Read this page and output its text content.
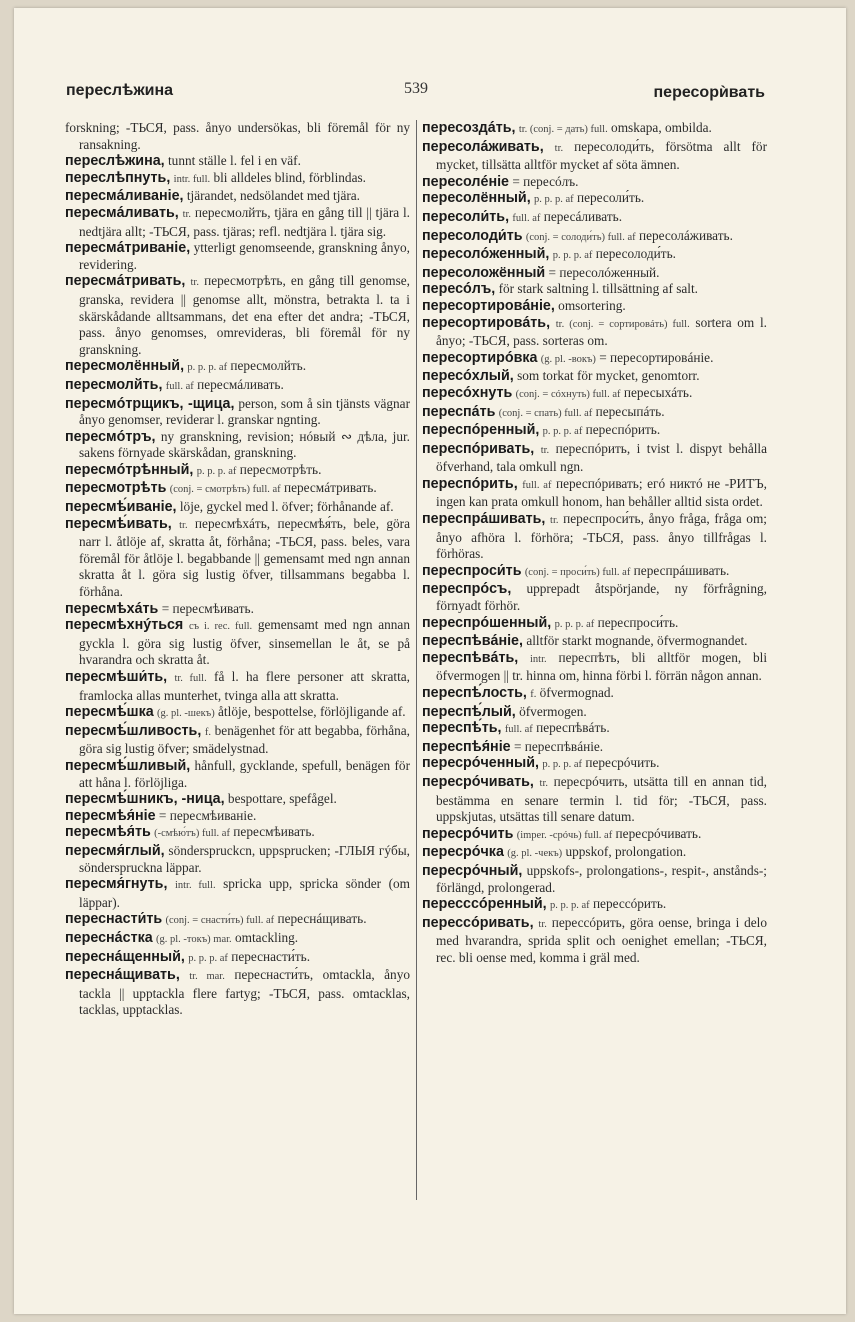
переслѣжина	539	пересорѝвать

forskning; -ТЬСЯ, pass. ånyo undersökas, bli föremål för ny ransakning.

переслѣжина, tunnt ställe l. fel i en väf.

переслѣпнуть, intr. full. bli alldeles blind, förblindas.

пересмáливаніе, tjärandet, nedsölandet med tjära.

пересмáливать, tr. пересмолйть, tjära en gång till || tjära l. nedtjära allt; -ТЬСЯ, pass. tjäras; refl. nedtjära l. tjära sig.

пересмáтриваніе, ytterligt genomseende, granskning ånyo, revidering.

пересмáтривать, tr. пересмотрѣть, en gång till genomse, granska, revidera || genomse allt, mönstra, betrakta l. ta i skärskådande alltsammans, det ena efter det andra; -ТЬСЯ, pass. ånyo genomses, omrevideras, bli föremål för ny granskning.

пересмолённый, p. p. p. af пересмолйть.

пересмолйть, full. af пересмáливать.

пересмóтрщикъ, -щица, person, som å sin tjänsts vägnar ånyo genomser, reviderar l. granskar ngnting.

пересмóтръ, ny granskning, revision; нóвый ∾ дѣла, jur. sakens förnyade skärskådan, granskning.

пересмóтрѣнный, p. p. p. af пересмотрѣть.

пересмотрѣть (conj. = смотрѣть) full. af пересмáтривать.

пересмѣ́иваніе, löje, gyckel med l. öfver; förhånande af.

пересмѣ́ивать, tr. пересмѣхáть, пересмѣя́ть, bele, göra narr l. åtlöje af, skratta åt, förhåna; -ТЬСЯ, pass. beles, vara föremål för åtlöje l. begabbande || gemensamt med ngn annan skratta åt l. göra sig lustig öfver, tillsammans begabba l. förhåna.

пересмѣхáть = пересмѣивать.

пересмѣхнýться съ i. rec. full. gemensamt med ngn annan gyckla l. göra sig lustig öfver, sinsemellan le åt, se på hvarandra och skratta åt.

пересмѣши́ть, tr. full. få l. ha flere personer att skratta, framlocka allas munterhet, tvinga alla att skratta.

пересмѣ́шка (g. pl. -шекъ) åtlöje, bespottelse, förlöjligande af.

пересмѣ́шливость, f. benägenhet för att begabba, förhåna, göra sig lustig öfver; smädelystnad.

пересмѣ́шливый, hånfull, gycklande, spefull, benägen för att håna l. förlöjliga.

пересмѣ́шникъ, -ница, bespottare, spefågel.

пересмѣя́ніе = пересмѣиваніе.

пересмѣя́ть (-смѣю́тъ) full. af пересмѣивать.

пересмя́глый, sönderspruckcn, uppsprucken; -ГЛЫЯ гýбы, sönderspruckna läppar.

пересмя́гнуть, intr. full. spricka upp, spricka sönder (om läppar).

переснасти́ть (conj. = снасти́ть) full. af переснáщивать.

переснáстка (g. pl. -токъ) mar. omtackling.

переснáщенный, p. p. p. af переснасти́ть.

переснáщивать, tr. mar. переснасти́ть, omtackla, ånyo tackla || upptackla flere fartyg; -ТЬСЯ, pass. omtacklas, tacklas, upptacklas.

пересоздáть, tr. (conj. = дать) full. omskapa, ombilda.

пересолáживать, tr. пересолоди́ть, försötma allt för mycket, tillsätta alltför mycket af söta ämnen.

пересолéніе = пересóлъ.

пересолённый, p. p. p. af пересоли́ть.

пересоли́ть, full. af пересáливать.

пересолоди́ть (conj. = солоди́ть) full. af пересолáживать.

пересолóженный, p. p. p. af пересолоди́ть.

пересоложённый = пересолóженный.

пересóлъ, för stark saltning l. tillsättning af salt.

пересортировáніе, omsortering.

пересортировáть, tr. (conj. = сортировáть) full. sortera om l. ånyo; -ТЬСЯ, pass. sorteras om.

пересортирóвка (g. pl. -вокъ) = пересортировáніе.

пересóхлый, som torkat för mycket, genomtorr.

пересóхнуть (conj. = сóхнуть) full. af пересыхáть.

переспáть (conj. = спать) full. af пересыпáть.

переспóренный, p. p. p. af переспóрить.

переспóривать, tr. переспóрить, i tvist l. dispyt behålla öfverhand, tala omkull ngn.

переспóрить, full. af переспóривать; егó никтó не -РИТЪ, ingen kan prata omkull honom, han behåller alltid sista ordet.

переспрáшивать, tr. переспроси́ть, ånyo fråga, fråga om; ånyo afhöra l. förhöra; -ТЬСЯ, pass. ånyo tillfrågas l. förhöras.

переспроси́ть (conj. = проси́ть) full. af переспрáшивать.

переспрóсъ, upprepadt åtspörjande, ny förfrågning, förnyadt förhör.

переспрóшенный, p. p. p. af переспроси́ть.

переспѣвáніе, alltför starkt mognande, öfvermognandet.

переспѣвáть, intr. переспѣть, bli alltför mogen, bli öfvermogen || tr. hinna om, hinna förbi l. förrän någon annan.

переспѣ́лость, f. öfvermognad.

переспѣ́лый, öfvermogen.

переспѣ́ть, full. af переспѣвáть.

переспѣя́ніе = переспѣвáніе.

пересрóченный, p. p. p. af пересрóчить.

пересрóчивать, tr. пересрóчить, utsätta till en annan tid, bestämma en senare termin l. tid för; -ТЬСЯ, pass. uppskjutas, utsättas till senare datum.

пересрóчить (imper. -срóчь) full. af пересрóчивать.

пересрóчка (g. pl. -чекъ) uppskof, prolongation.

пересрóчный, uppskofs-, prolongations-, respit-, anstånds-; förlängd, prolongerad.

пересссóренный, p. p. p. af перессóрить.

перессóривать, tr. перессóрить, göra oense, bringa i delo med hvarandra, sprida split och oenighet emellan; -ТЬСЯ, rec. bli oense med, komma i gräl med.
